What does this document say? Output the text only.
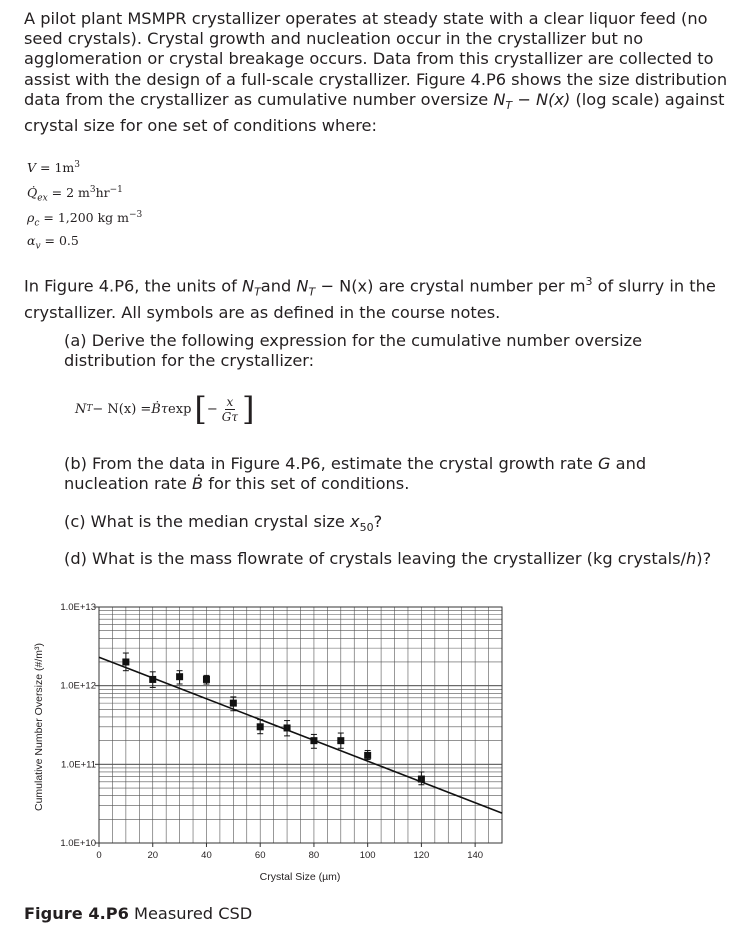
A pilot plant MSMPR crystallizer operates at steady state with a clear liquor feed (no seed crystals). Crystal growth and nucleation occur in the crystallizer but no agglomeration or crystal breakage occurs. Data from this crystallizer are collected to assist with the design of a full-scale crystallizer. Figure 4.P6 shows the size distribution data from the crystallizer as cumulative number oversize $N_T - N(x)$ (log scale) against crystal size for one set of conditions where:

$V = 1m^3$
$Q̇_{ex} = 2$ $m^3hr^{-1}$
$\rho_c = 1,200$ kg $m^{-3}$
$\alpha_v = 0.5$

In Figure 4.P6, the units of $N_Tand$ $N_T - N(x)$ are crystal number per $m^3$ of slurry in the crystallizer. All symbols are as defined in the course notes.

(a) Derive the following expression for the cumulative number oversize distribution for the crystallizer:

N T − N(x) = Ḃτ exp [ − $\frac{x}{G\tau}$ ]

(b) From the data in Figure 4.P6, estimate the crystal growth rate G and nucleation rate Ḃ for this set of conditions.

(c) What is the median crystal size $x_{50}$?

(d) What is the mass flowrate of crystals leaving the crystallizer (kg crystals/h)?

0	20	40	60	80	100	120	140
1.0E+10
1.0E+11
1.0E+12
1.0E+13
Crystal Size (µm)
Cumulative Number Oversize (#/m³)
Figure 4.P6 Measured CSD
